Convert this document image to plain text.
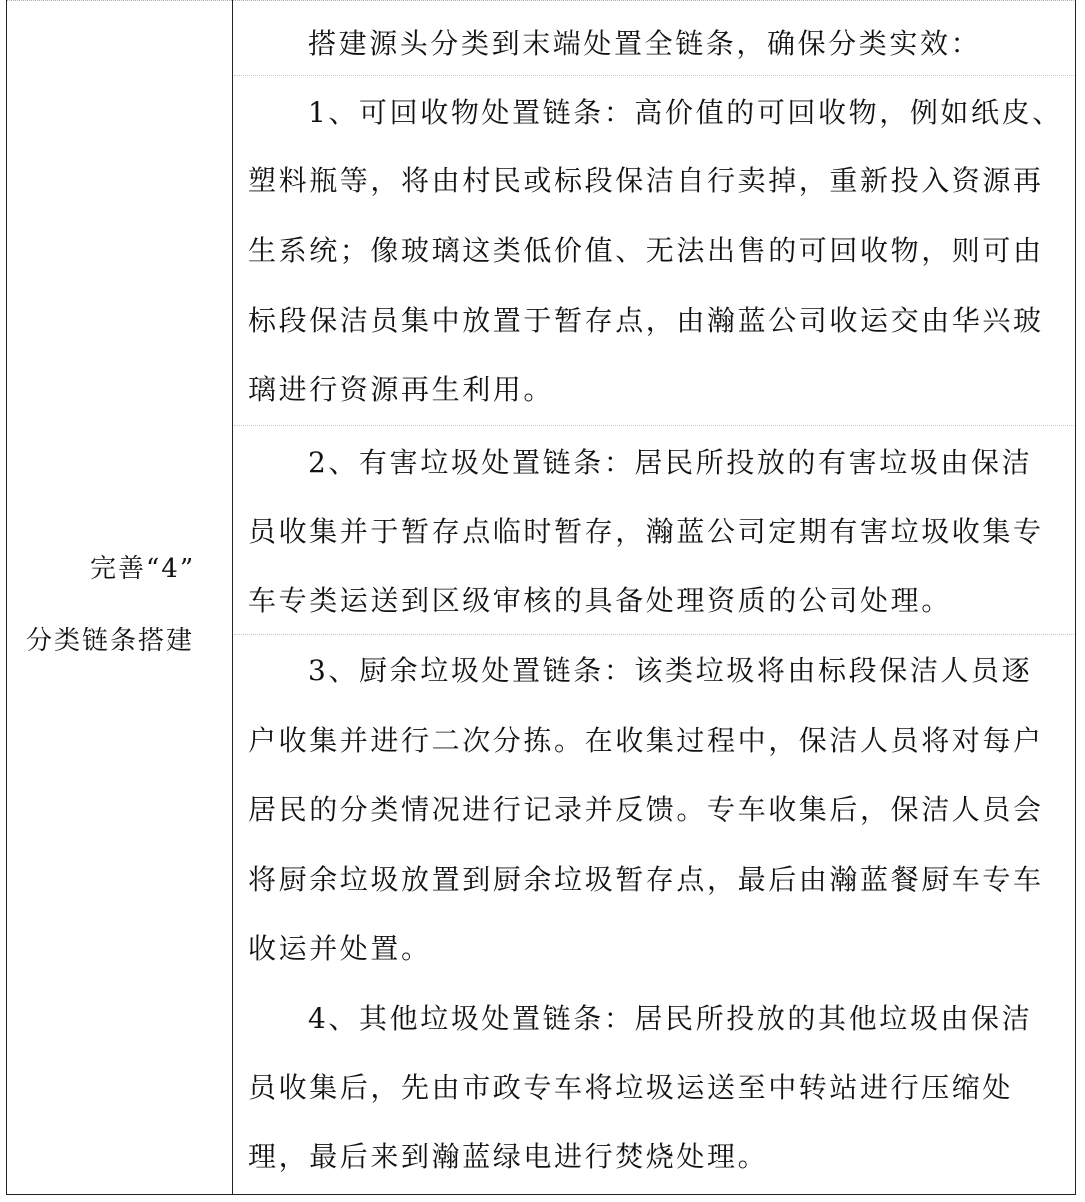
完善“4”
分类链条搭建
搭建源头分类到末端处置全链条，确保分类实效：
1、可回收物处置链条：高价值的可回收物，例如纸皮、
塑料瓶等，将由村民或标段保洁自行卖掉，重新投入资源再
生系统；像玻璃这类低价值、无法出售的可回收物，则可由
标段保洁员集中放置于暂存点，由瀚蓝公司收运交由华兴玻
璃进行资源再生利用。
2、有害垃圾处置链条：居民所投放的有害垃圾由保洁
员收集并于暂存点临时暂存，瀚蓝公司定期有害垃圾收集专
车专类运送到区级审核的具备处理资质的公司处理。
3、厨余垃圾处置链条：该类垃圾将由标段保洁人员逐
户收集并进行二次分拣。在收集过程中，保洁人员将对每户
居民的分类情况进行记录并反馈。专车收集后，保洁人员会
将厨余垃圾放置到厨余垃圾暂存点，最后由瀚蓝餐厨车专车
收运并处置。
4、其他垃圾处置链条：居民所投放的其他垃圾由保洁
员收集后，先由市政专车将垃圾运送至中转站进行压缩处
理，最后来到瀚蓝绿电进行焚烧处理。
